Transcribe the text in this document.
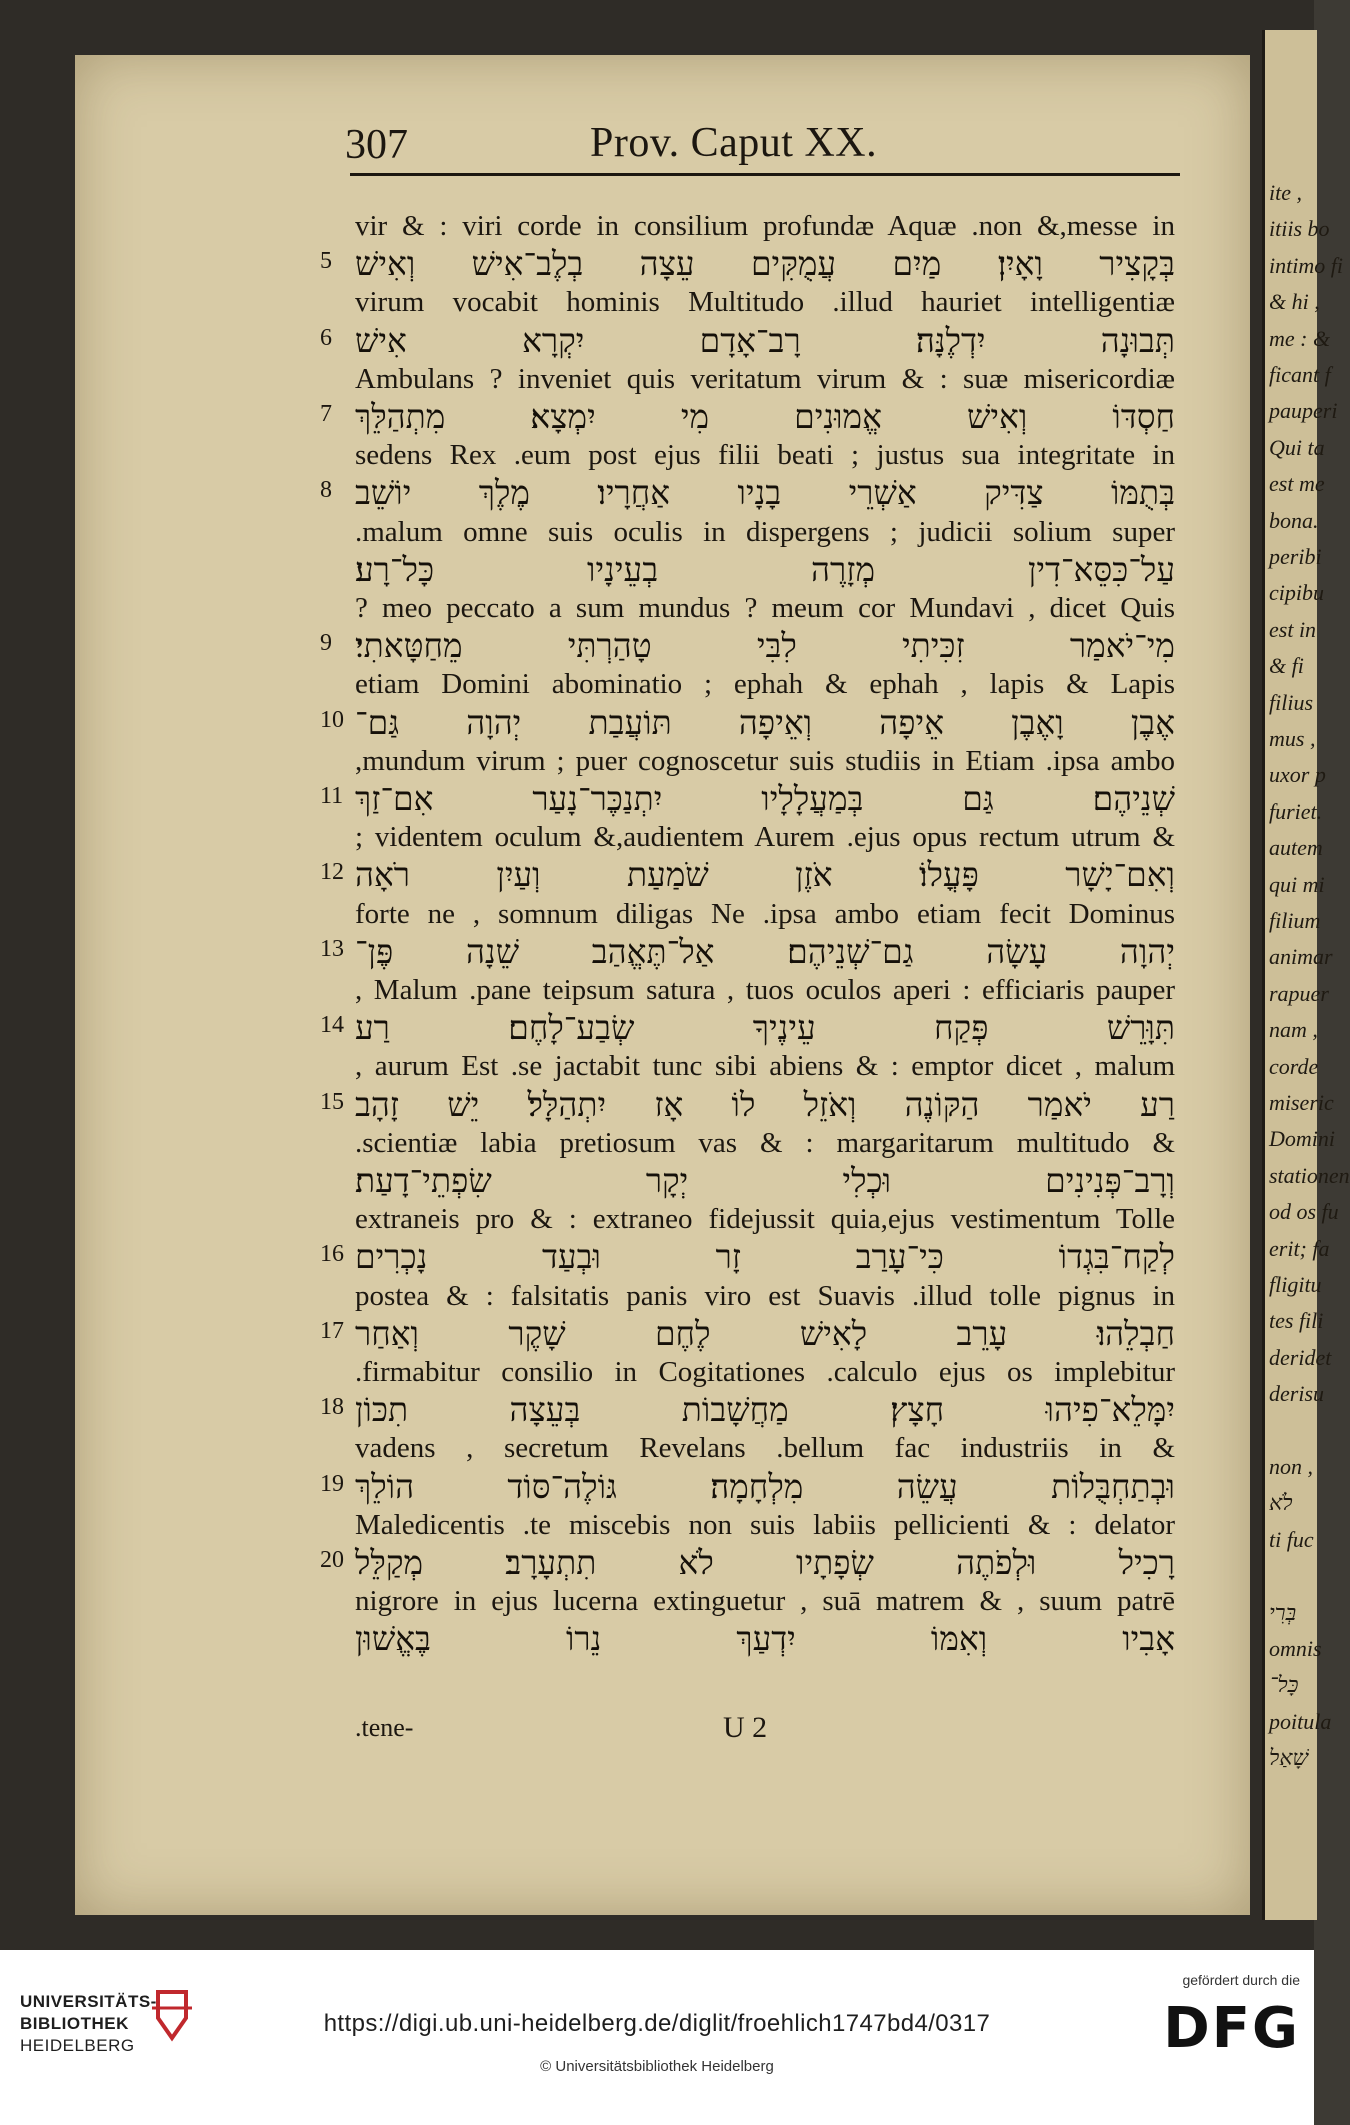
ite ,
itiis bo
intimo fi
& hi ,
me : &
ficant f
pauperi
Qui ta
est me
bona.
peribi
cipibu
est in
& fi
filius
mus ,
uxor p
furiet.
autem
qui mi
filium
animar
rapuer
nam ,
corde
miseric
Domini
stationen
od os fu
erit; fa
fligitu
tes fili
deridet
derisu
non ,
לֹא
ti fuc
בְּרִי
omnis
כָּל־
poitula
שָׁאַל
307	Prov. Caput XX.
vir & : viri corde in consilium profundæ Aquæ .non &,messe in
בְּקָצִיר וָאָיִן׃ מַיִם עֲמֻקִּים עֵצָה בְלֶב־אִישׁ וְאִישׁ
5
virum vocabit hominis Multitudo .illud hauriet intelligentiæ
תְּבוּנָה יִדְלֶנָּה׃ רָב־אָדָם יִקְרָא אִישׁ
6
Ambulans ? inveniet quis veritatum virum & : suæ misericordiæ
חַסְדּוֹ וְאִישׁ אֱמוּנִים מִי יִמְצָא׃ מִתְהַלֵּךְ
7
sedens Rex .eum post ejus filii beati ; justus sua integritate in
בְּתֻמּוֹ צַדִּיק אַשְׁרֵי בָנָיו אַחֲרָיו׃ מֶלֶךְ יוֹשֵׁב
8
.malum omne suis oculis in dispergens ; judicii solium super
עַל־כִּסֵּא־דִין מְזָרֶה בְעֵינָיו כָּל־רָע׃
? meo peccato a sum mundus ? meum cor Mundavi , dicet Quis
מִי־יֹאמַר זִכִּיתִי לִבִּי טָהַרְתִּי מֵחַטָּאתִי׃
9
etiam Domini abominatio ; ephah & ephah , lapis & Lapis
אֶבֶן וָאֶבֶן אֵיפָה וְאֵיפָה תּוֹעֲבַת יְהוָה גַּם־
10
,mundum virum ; puer cognoscetur suis studiis in Etiam .ipsa ambo
שְׁנֵיהֶם׃ גַּם בְּמַעֲלָלָיו יִתְנַכֶּר־נָעַר אִם־זַךְ
11
; videntem oculum &,audientem Aurem .ejus opus rectum utrum &
וְאִם־יָשָׁר פָּעֳלוֹ׃ אֹזֶן שֹׁמַעַת וְעַיִן רֹאָה
12
forte ne , somnum diligas Ne .ipsa ambo etiam fecit Dominus
יְהוָה עָשָׂה גַם־שְׁנֵיהֶם׃ אַל־תֶּאֱהַב שֵׁנָה פֶּן־
13
, Malum .pane teipsum satura , tuos oculos aperi : efficiaris pauper
תִּוָּרֵשׁ פְּקַח עֵינֶיךָ שְׂבַע־לָחֶם׃ רַע
14
, aurum Est .se jactabit tunc sibi abiens & : emptor dicet , malum
רַע יֹאמַר הַקּוֹנֶה וְאֹזֵל לוֹ אָז יִתְהַלָּל׃ יֵשׁ זָהָב
15
.scientiæ labia pretiosum vas & : margaritarum multitudo &
וְרָב־פְּנִינִים וּכְלִי יְקָר שִׂפְתֵי־דָעַת׃
extraneis pro & : extraneo fidejussit quia,ejus vestimentum Tolle
לְקַח־בִּגְדוֹ כִּי־עָרַב זָר וּבְעַד נָכְרִים
16
postea & : falsitatis panis viro est Suavis .illud tolle pignus in
חַבְלֵהוּ׃ עָרֵב לָאִישׁ לֶחֶם שָׁקֶר וְאַחַר
17
.firmabitur consilio in Cogitationes .calculo ejus os implebitur
יִמָּלֵא־פִיהוּ חָצָץ׃ מַחֲשָׁבוֹת בְּעֵצָה תִכּוֹן
18
vadens , secretum Revelans .bellum fac industriis in &
וּבְתַחְבֻּלוֹת עֲשֵׂה מִלְחָמָה׃ גּוֹלֶה־סּוֹד הוֹלֵךְ
19
Maledicentis .te miscebis non suis labiis pellicienti & : delator
רָכִיל וּלְפֹתֶה שְׂפָתָיו לֹא תִתְעָרָב׃ מְקַלֵּל
20
nigrore in ejus lucerna extinguetur , suā matrem & , suum patrē
אָבִיו וְאִמּוֹ יִדְעַךְ נֵרוֹ בֶּאֱשׁוּן
.tene-	U 2
UNIVERSITÄTS-
BIBLIOTHEK
HEIDELBERG
https://digi.ub.uni-heidelberg.de/diglit/froehlich1747bd4/0317
© Universitätsbibliothek Heidelberg
gefördert durch die
DFG
